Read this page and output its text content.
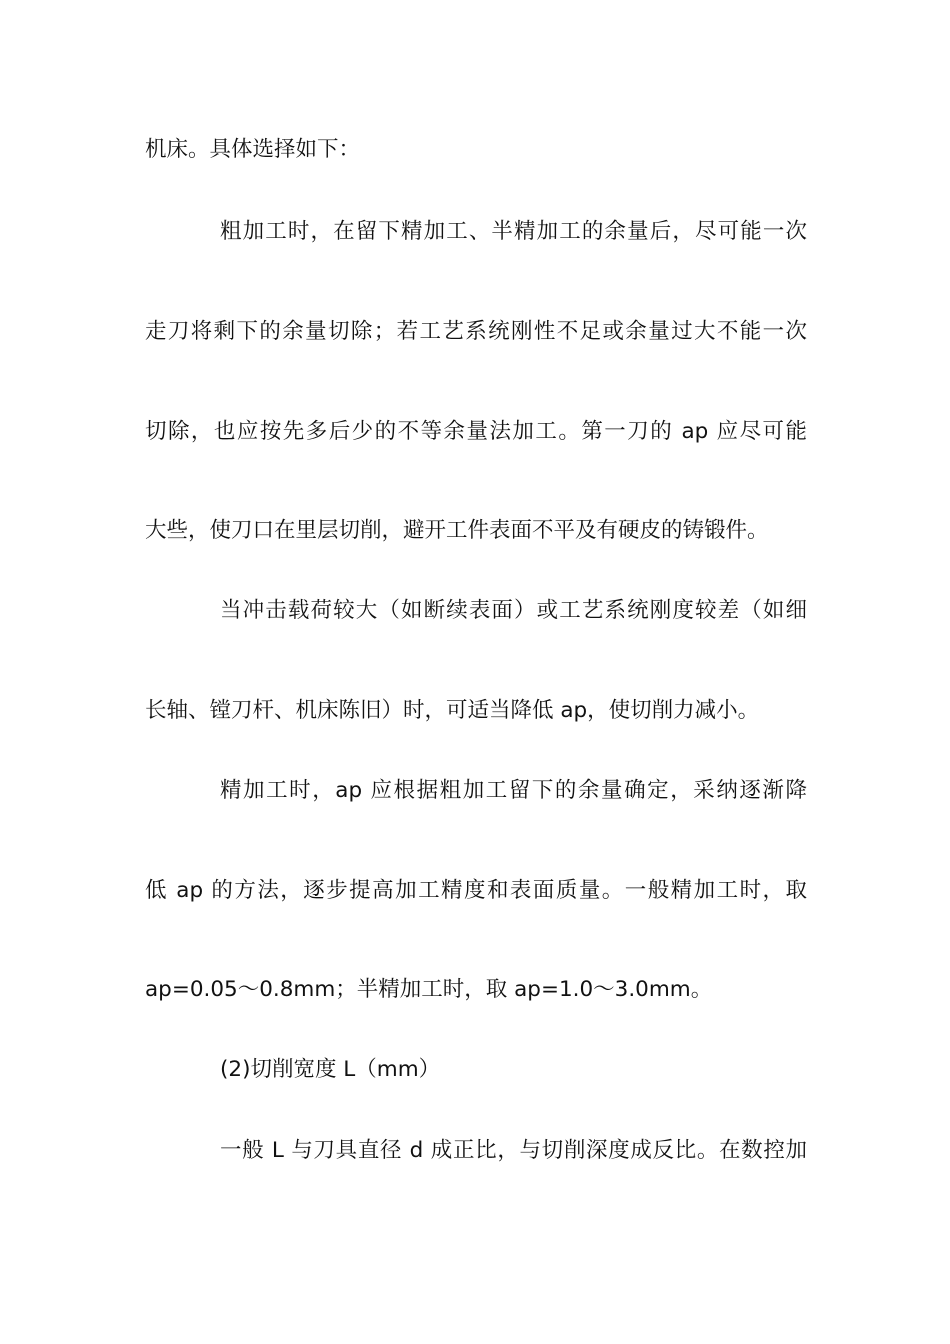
机床。具体选择如下：
粗加工时，在留下精加工、半精加工的余量后，尽可能一次
走刀将剩下的余量切除；若工艺系统刚性不足或余量过大不能一次
切除，也应按先多后少的不等余量法加工。第一刀的 ap 应尽可能
大些，使刀口在里层切削，避开工件表面不平及有硬皮的铸锻件。
当冲击载荷较大（如断续表面）或工艺系统刚度较差（如细
长轴、镗刀杆、机床陈旧）时，可适当降低 ap，使切削力减小。
精加工时，ap 应根据粗加工留下的余量确定，采纳逐渐降
低 ap 的方法，逐步提高加工精度和表面质量。一般精加工时，取
ap=0.05～0.8mm；半精加工时，取 ap=1.0～3.0mm。
(2)切削宽度 L（mm）
一般 L 与刀具直径 d 成正比，与切削深度成反比。在数控加
